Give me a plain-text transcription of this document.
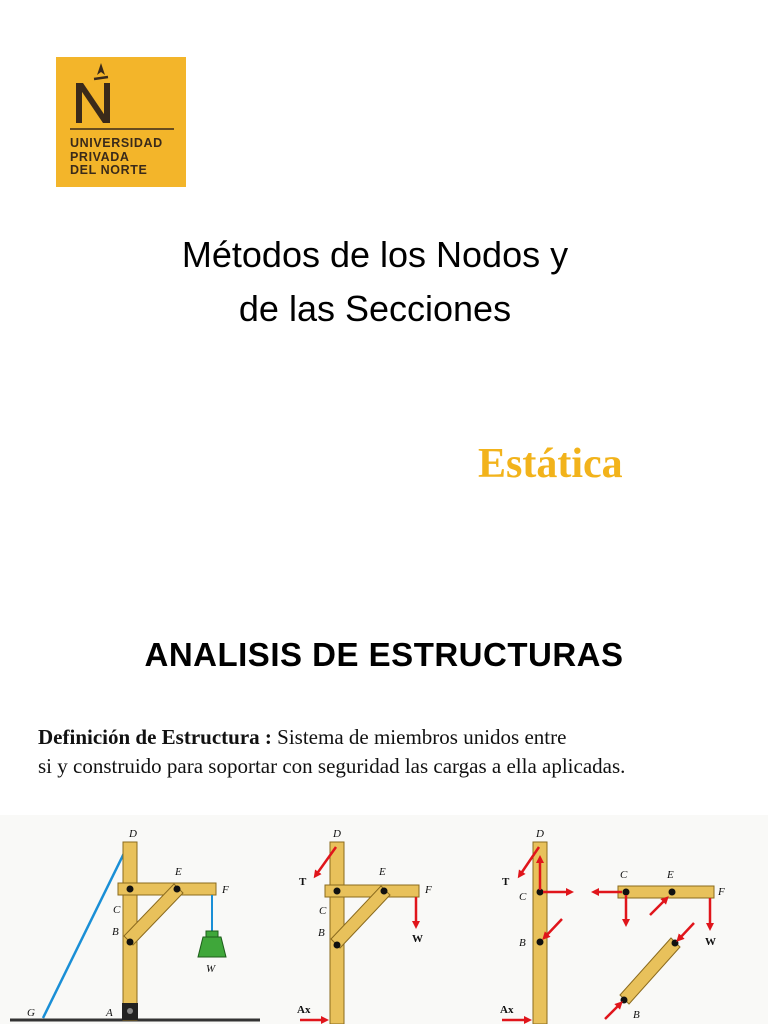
UNIVERSIDAD
PRIVADA
DEL NORTE
Métodos de los Nodos y
de las Secciones
Estática
ANALISIS DE ESTRUCTURAS
Definición de Estructura : Sistema de miembros unidos entre
si y construido para soportar con seguridad las cargas a ella aplicadas.
D
E
F
C
B
W
G	A
D
E
F
T
C
B	W
Ax
D
T
C
B
Ax
C	E
F
W
B
